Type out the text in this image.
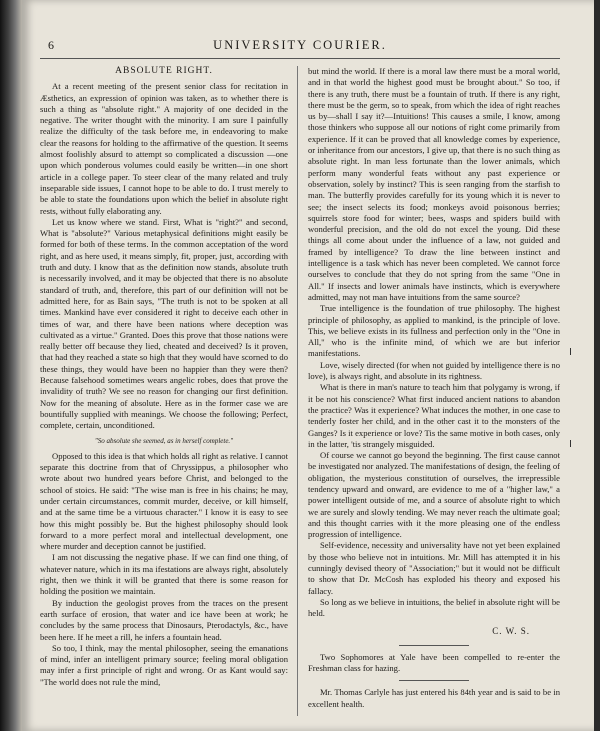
6	UNIVERSITY COURIER.
ABSOLUTE RIGHT.

At a recent meeting of the present senior class for recitation in Æsthetics, an expression of opinion was taken, as to whether there is such a thing as "absolute right." A majority of one decided in the negative. The writer thought with the minority. I am sure I painfully realize the difficulty of the task before me, in endeavoring to make clear the reasons for holding to the affirmative of the question. It seems almost foolishly absurd to attempt so complicated a discussion —one upon which ponderous volumes could easily be written—in one short article in a college paper. To steer clear of the many related and truly inseparable side issues, I cannot hope to be able to do. I trust merely to be able to state the foundations upon which the belief in absolute right rests, without fully elaborating any.

Let us know where we stand. First, What is "right?" and second, What is "absolute?" Various metaphysical definitions might easily be formed for both of these terms. In the common acceptation of the word right, and as here used, it means simply, fit, proper, just, according with truth and duty. I know that as the definition now stands, absolute truth is necessarily involved, and it may be objected that there is no absolute standard of truth, and, therefore, this part of our definition will not be admitted here, for as Bain says, "The truth is not to be spoken at all times. Mankind have ever considered it right to deceive each other in times of war, and there have been nations where deception was cultivated as a virtue." Granted. Does this prove that those nations were really better off because they lied, cheated and deceived? Is it proven, that had they reached a state so high that they would have scorned to do these things, they would have been no happier than they were then? Because falsehood sometimes wears angelic robes, does that prove the invalidity of truth? We see no reason for changing our first definition. Now for the meaning of absolute. Here as in the former case we are bountifully supplied with meanings. We choose the following; Perfect, complete, certain, unconditioned.

"So absolute she seemed, as in herself complete."

Opposed to this idea is that which holds all right as relative. I cannot separate this doctrine from that of Chryssippus, a philosopher who wrote about two hundred years before Christ, and belonged to the school of stoics. He said: "The wise man is free in his chains; he may, under certain circumstances, commit murder, deceive, or kill himself, and at the same time be a virtuous character." I know it is easy to see how this might possibly be. But the highest philosophy should look forward to a more perfect moral and intellectual development, one where murder and deception cannot be justified.

I am not discussing the negative phase. If we can find one thing, of whatever nature, which in its ma ifestations are always right, absolutely right, then we think it will be granted that there is some reason for holding the position we maintain.

By induction the geologist proves from the traces on the present earth surface of erosion, that water and ice have been at work; he concludes by the same process that Dinosaurs, Pterodactyls, &c., have been here. If he meet a rill, he infers a fountain head.

So too, I think, may the mental philosopher, seeing the emanations of mind, infer an intelligent primary source; feeling moral obligation may infer a first principle of right and wrong. Or as Kant would say: "The world does not rule the mind,

but mind the world. If there is a moral law there must be a moral world, and in that world the highest good must be brought about." So too, if there is any truth, there must be a fountain of truth. If there is any right, there must be the germ, so to speak, from which the idea of right reaches us by—shall I say it?—Intuitions! This causes a smile, I know, among those thinkers who suppose all our notions of right come primarily from experience. If it can be proved that all knowledge comes by experience, or inheritance from our ancestors, I give up, that there is no such thing as absolute right. In man less fortunate than the lower animals, which perform many wonderful feats without any past experience or observation, solely by instinct? This is seen ranging from the starfish to man. The butterfly provides carefully for its young which it is never to see; the insect selects its food; monkeys avoid poisonous berries; squirrels store food for winter; bees, wasps and spiders build with wonderful precision, and the old do not excel the young. Did these things all come about under the influence of a law, not guided and framed by intelligence? To draw the line between instinct and intelligence is a task which has never been completed. We cannot force ourselves to conclude that they do not spring from the same "One in All." If insects and lower animals have instincts, which is everywhere admitted, may not man have intuitions from the same source?

True intelligence is the foundation of true philosophy. The highest principle of philosophy, as applied to mankind, is the principle of love. This, we believe exists in its fullness and perfection only in the "One in All," who is the infinite mind, of which we are but inferior manifestations.

Love, wisely directed (for when not guided by intelligence there is no love), is always right, and absolute in its rightness.

What is there in man's nature to teach him that polygamy is wrong, if it be not his conscience? What first induced ancient nations to abandon the practice? Was it experience? What induces the mother, in one case to tenderly foster her child, and in the other cast it to the monsters of the Ganges? Is it experience or love? Tis the same motive in both cases, only in the latter, 'tis strangely misguided.

Of course we cannot go beyond the beginning. The first cause cannot be investigated nor analyzed. The manifestations of design, the feeling of obligation, the mysterious constitution of ourselves, the irrepressible tendency upward and onward, are evidence to me of a "higher law," a power intelligent outside of me, and a source of absolute right to which we are surely and slowly tending. We may never reach the ultimate goal; and this thought carries with it the more pleasing one of the endless progression of intelligence.

Self-evidence, necessity and universality have not yet been explained by those who believe not in intuitions. Mr. Mill has attempted it in his cunningly devised theory of "Association;" but it would not be difficult to show that Dr. McCosh has exploded his theory and exposed his fallacy.

So long as we believe in intuitions, the belief in absolute right will be held.

C. W. S.

Two Sophomores at Yale have been compelled to re-enter the Freshman class for hazing.

Mr. Thomas Carlyle has just entered his 84th year and is said to be in excellent health.
